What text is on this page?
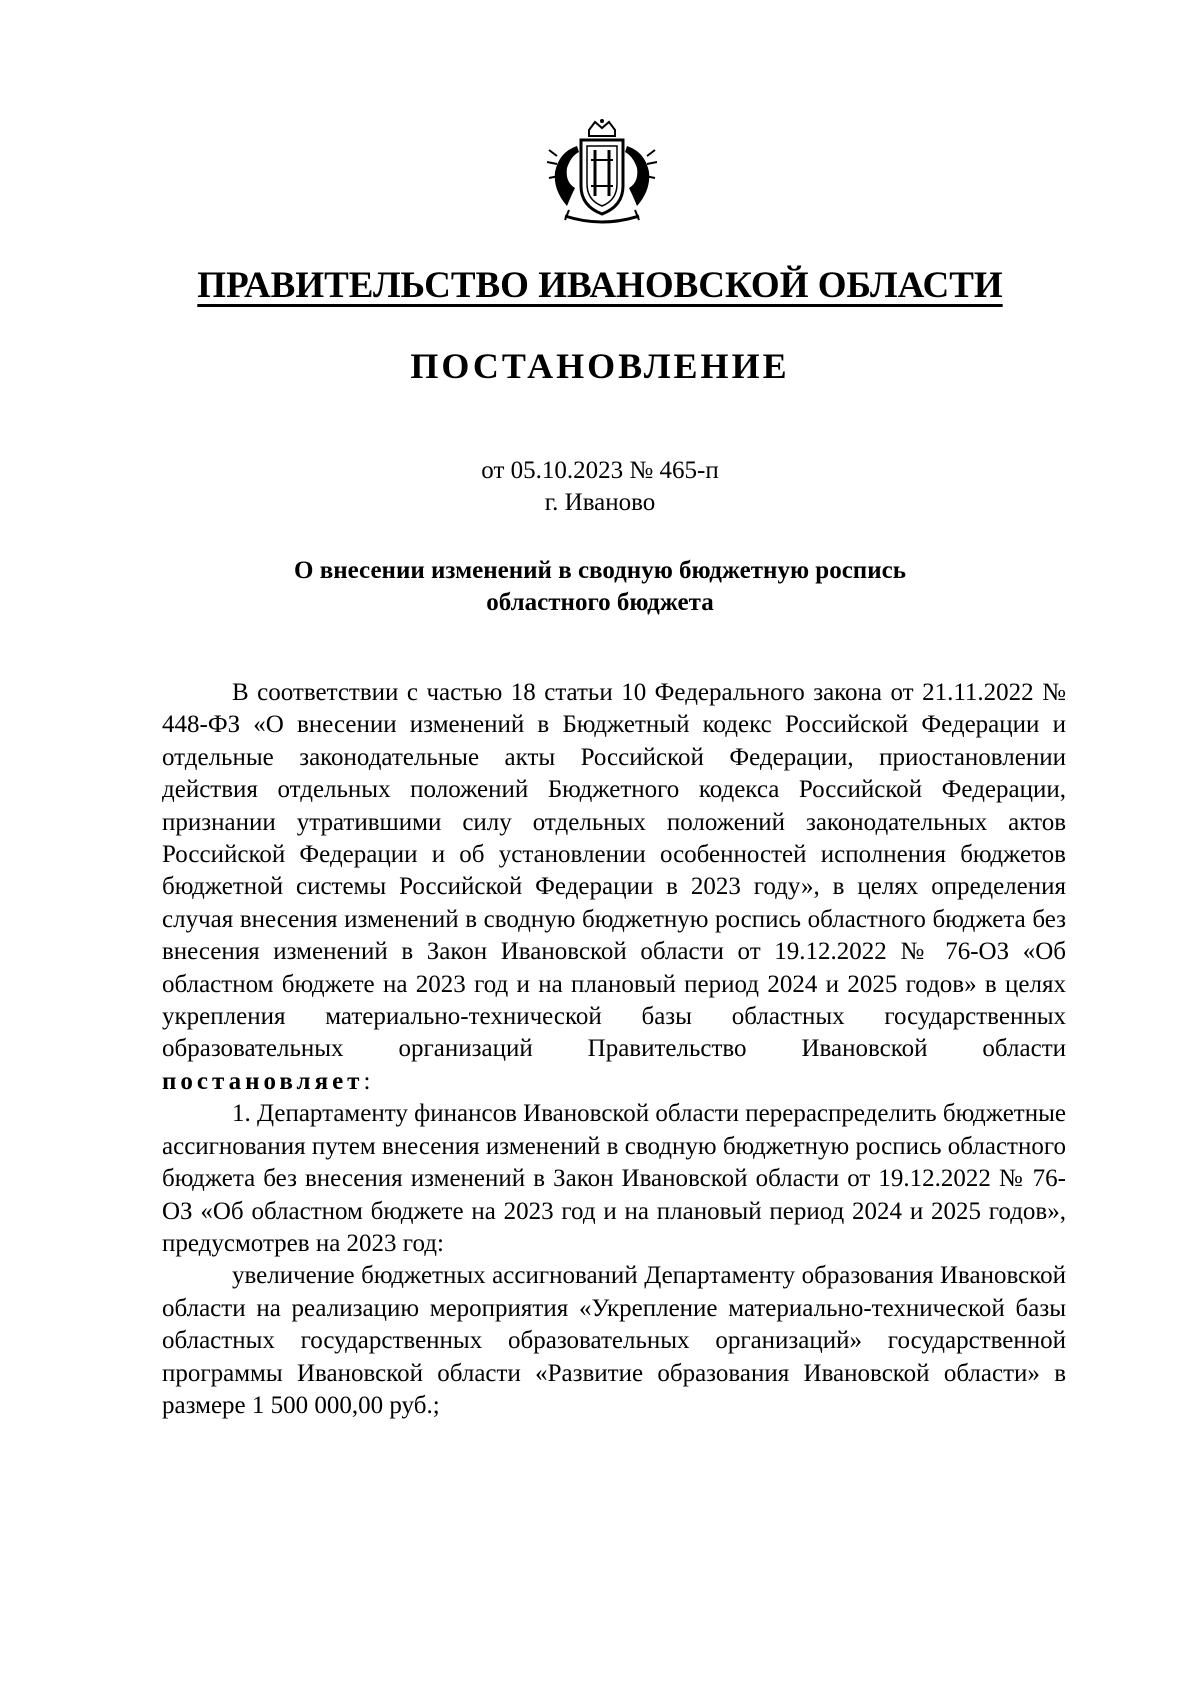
ПРАВИТЕЛЬСТВО ИВАНОВСКОЙ ОБЛАСТИ
ПОСТАНОВЛЕНИЕ
от 05.10.2023 № 465-п
г. Иваново
О внесении изменений в сводную бюджетную роспись
областного бюджета

В соответствии с частью 18 статьи 10 Федерального закона от 21.11.2022 № 448-ФЗ «О внесении изменений в Бюджетный кодекс Российской Федерации и отдельные законодательные акты Российской Федерации, приостановлении действия отдельных положений Бюджетного кодекса Российской Федерации, признании утратившими силу отдельных положений законодательных актов Российской Федерации и об установлении особенностей исполнения бюджетов бюджетной системы Российской Федерации в 2023 году», в целях определения случая внесения изменений в сводную бюджетную роспись областного бюджета без внесения изменений в Закон Ивановской области от 19.12.2022 № 76-ОЗ «Об областном бюджете на 2023 год и на плановый период 2024 и 2025 годов» в целях укрепления материально-технической базы областных государственных образовательных организаций Правительство Ивановской области постановляет:

1. Департаменту финансов Ивановской области перераспределить бюджетные ассигнования путем внесения изменений в сводную бюджетную роспись областного бюджета без внесения изменений в Закон Ивановской области от 19.12.2022 № 76-ОЗ «Об областном бюджете на 2023 год и на плановый период 2024 и 2025 годов», предусмотрев на 2023 год:

увеличение бюджетных ассигнований Департаменту образования Ивановской области на реализацию мероприятия «Укрепление материально-технической базы областных государственных образовательных организаций» государственной программы Ивановской области «Развитие образования Ивановской области» в размере 1 500 000,00 руб.;
